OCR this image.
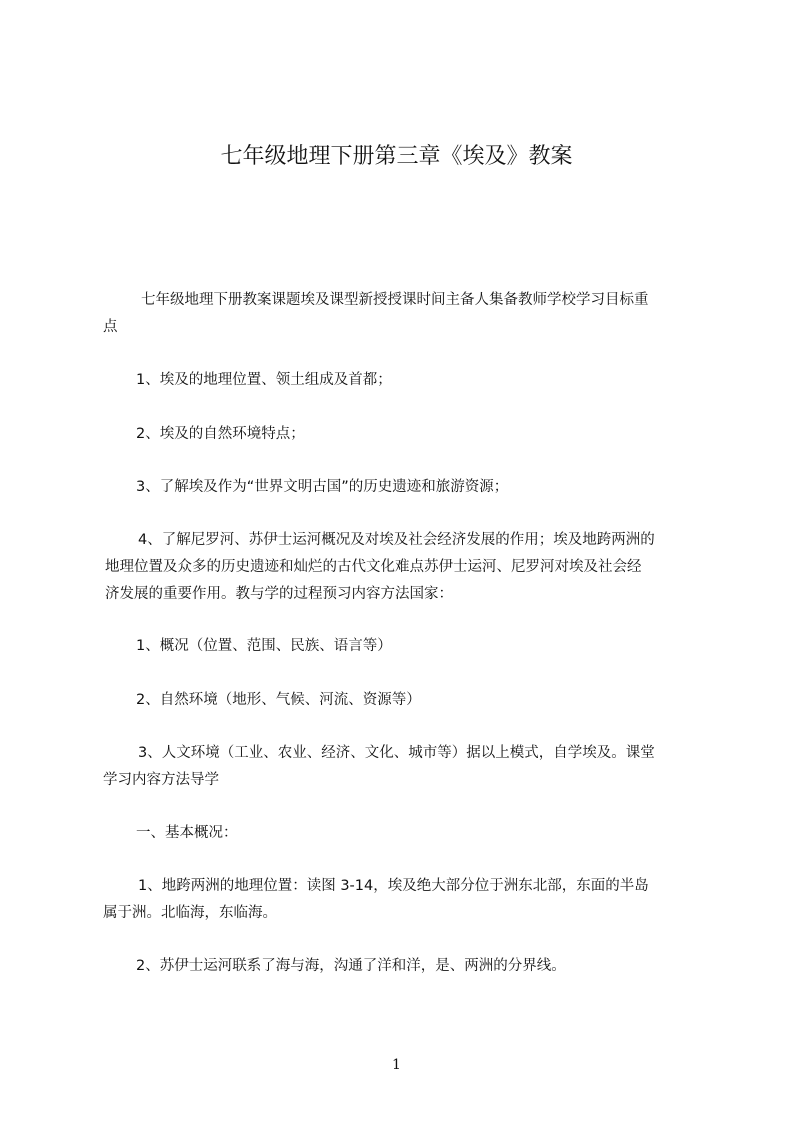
七年级地理下册第三章《埃及》教案

七年级地理下册教案课题埃及课型新授授课时间主备人集备教师学校学习目标重
点

1、埃及的地理位置、领土组成及首都；

2、埃及的自然环境特点；

3、了解埃及作为“世界文明古国”的历史遗迹和旅游资源；

4、了解尼罗河、苏伊士运河概况及对埃及社会经济发展的作用；埃及地跨两洲的
地理位置及众多的历史遗迹和灿烂的古代文化难点苏伊士运河、尼罗河对埃及社会经
济发展的重要作用。教与学的过程预习内容方法国家：

1、概况（位置、范围、民族、语言等）

2、自然环境（地形、气候、河流、资源等）

3、人文环境（工业、农业、经济、文化、城市等）据以上模式，自学埃及。课堂
学习内容方法导学

一、基本概况：

1、地跨两洲的地理位置：读图 3-14，埃及绝大部分位于洲东北部，东面的半岛
属于洲。北临海，东临海。

2、苏伊士运河联系了海与海，沟通了洋和洋，是、两洲的分界线。

1
